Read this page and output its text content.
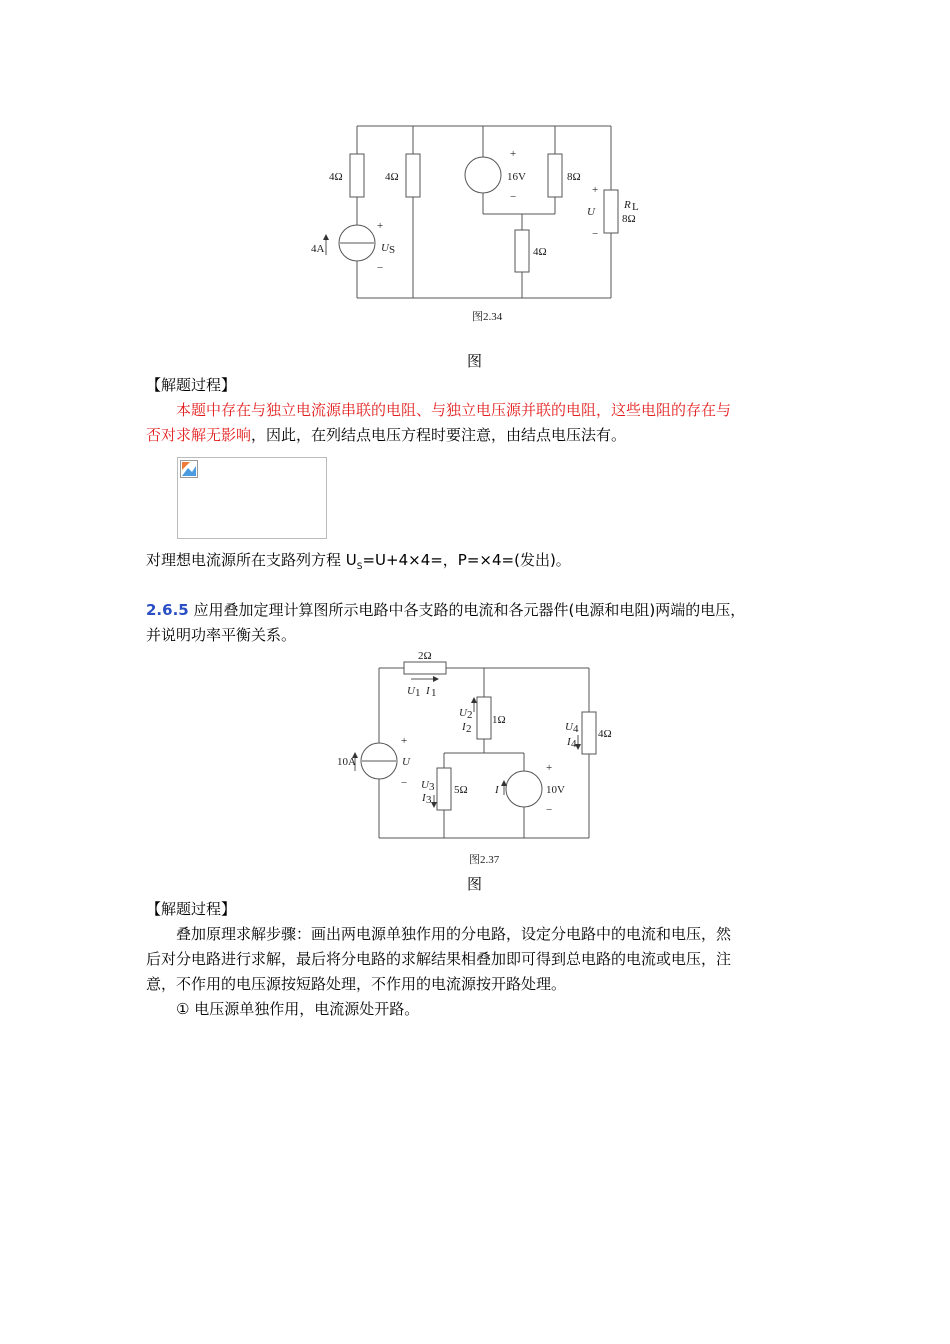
4Ω	4Ω	16V
+
−
8Ω
4Ω
4A
+
U S
−
+
U
−
R L
8Ω
图2.34
图
【解题过程】
本题中存在与独立电流源串联的电阻、与独立电压源并联的电阻，这些电阻的存在与
否对求解无影响，因此，在列结点电压方程时要注意，由结点电压法有。
对理想电流源所在支路列方程 $U_S=U+4\times 4=$，P=×4=(发出)。
2.6.5 应用叠加定理计算图所示电路中各支路的电流和各元器件(电源和电阻)两端的电压，
并说明功率平衡关系。
2Ω
U 1 I 1
U 2
I 2
1Ω
U 4
I 4
4Ω
10A
+
U
− U 3
I 3
5Ω I
+
10V
−
图2.37
图
【解题过程】
叠加原理求解步骤：画出两电源单独作用的分电路，设定分电路中的电流和电压，然
后对分电路进行求解，最后将分电路的求解结果相叠加即可得到总电路的电流或电压，注
意，不作用的电压源按短路处理，不作用的电流源按开路处理。
① 电压源单独作用，电流源处开路。
